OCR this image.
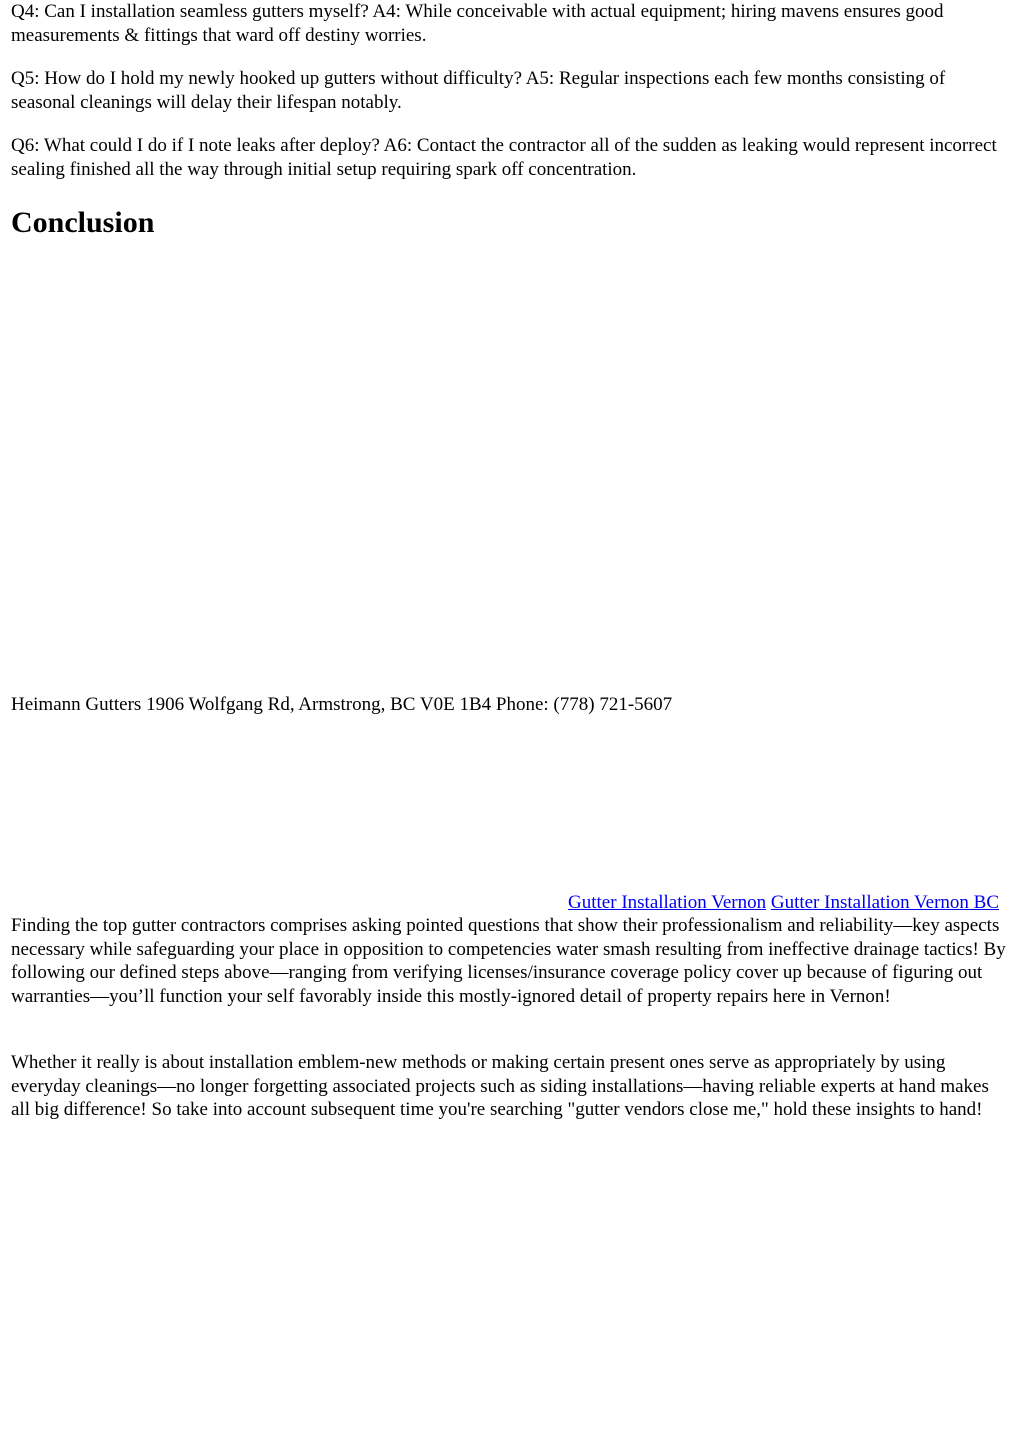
Q4: Can I installation seamless gutters myself? A4: While conceivable with actual equipment; hiring mavens ensures good measurements & fittings that ward off destiny worries.

Q5: How do I hold my newly hooked up gutters without difficulty? A5: Regular inspections each few months consisting of seasonal cleanings will delay their lifespan notably.

Q6: What could I do if I note leaks after deploy? A6: Contact the contractor all of the sudden as leaking would represent incorrect sealing finished all the way through initial setup requiring spark off concentration.

Conclusion

Heimann Gutters 1906 Wolfgang Rd, Armstrong, BC V0E 1B4 Phone: (778) 721-5607

Gutter Installation Vernon Gutter Installation Vernon BC

Finding the top gutter contractors comprises asking pointed questions that show their professionalism and reliability—key aspects necessary while safeguarding your place in opposition to competencies water smash resulting from ineffective drainage tactics! By following our defined steps above—ranging from verifying licenses/insurance coverage policy cover up because of figuring out warranties—you’ll function your self favorably inside this mostly-ignored detail of property repairs here in Vernon!

Whether it really is about installation emblem-new methods or making certain present ones serve as appropriately by using everyday cleanings—no longer forgetting associated projects such as siding installations—having reliable experts at hand makes all big difference! So take into account subsequent time you're searching "gutter vendors close me," hold these insights to hand!
